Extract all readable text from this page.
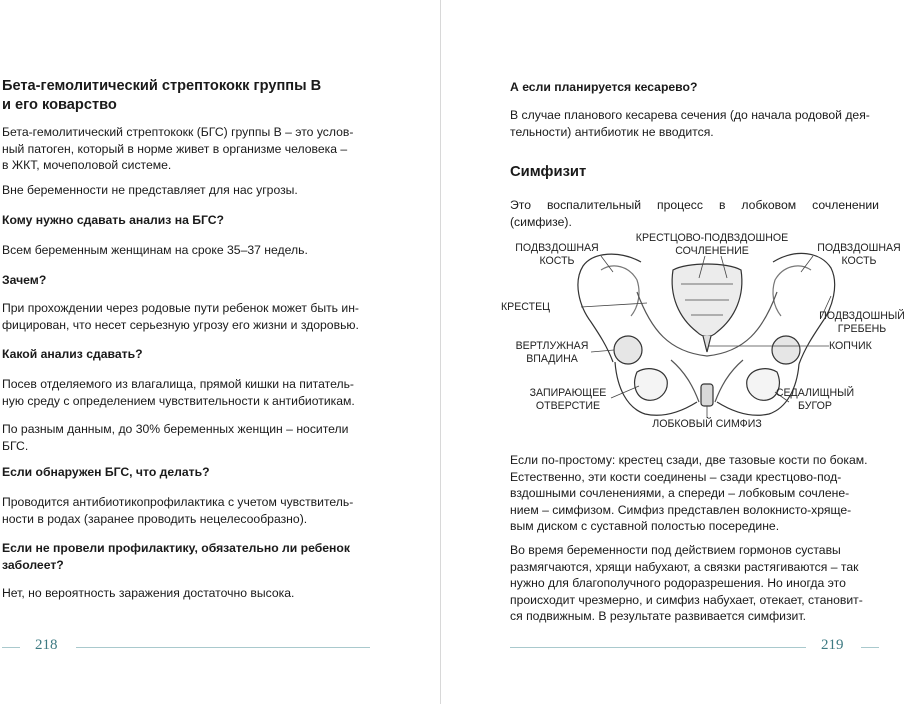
Бета-гемолитический стрептококк группы В
и его коварство

Бета-гемолитический стрептококк (БГС) группы В – это услов-
ный патоген, который в норме живет в организме человека –
в ЖКТ, мочеполовой системе.

Вне беременности не представляет для нас угрозы.

Кому нужно сдавать анализ на БГС?

Всем беременным женщинам на сроке 35–37 недель.

Зачем?

При прохождении через родовые пути ребенок может быть ин-
фицирован, что несет серьезную угрозу его жизни и здоровью.

Какой анализ сдавать?

Посев отделяемого из влагалища, прямой кишки на питатель-
ную среду с определением чувствительности к антибиотикам.

По разным данным, до 30% беременных женщин – носители
БГС.

Если обнаружен БГС, что делать?

Проводится антибиотикопрофилактика с учетом чувствитель-
ности в родах (заранее проводить нецелесообразно).

Если не провели профилактику, обязательно ли ребенок
заболеет?

Нет, но вероятность заражения достаточно высока.

218

А если планируется кесарево?

В случае планового кесарева сечения (до начала родовой дея-
тельности) антибиотик не вводится.

Симфизит

Это воспалительный процесс в лобковом сочленении (симфизе).

КРЕСТЦОВО-ПОДВЗДОШНОЕ
СОЧЛЕНЕНИЕ
ПОДВЗДОШНАЯ
КОСТЬ
ПОДВЗДОШНАЯ
КОСТЬ
КРЕСТЕЦ
ПОДВЗДОШНЫЙ
ГРЕБЕНЬ
ВЕРТЛУЖНАЯ
ВПАДИНА
КОПЧИК
ЗАПИРАЮЩЕЕ
ОТВЕРСТИЕ
СЕДАЛИЩНЫЙ
БУГОР
ЛОБКОВЫЙ СИМФИЗ

Если по-простому: крестец сзади, две тазовые кости по бокам.
Естественно, эти кости соединены – сзади крестцово-под-
вздошными сочленениями, а спереди – лобковым сочлене-
нием – симфизом. Симфиз представлен волокнисто-хряще-
вым диском с суставной полостью посередине.

Во время беременности под действием гормонов суставы
размягчаются, хрящи набухают, а связки растягиваются – так
нужно для благополучного родоразрешения. Но иногда это
происходит чрезмерно, и симфиз набухает, отекает, становит-
ся подвижным. В результате развивается симфизит.

219
